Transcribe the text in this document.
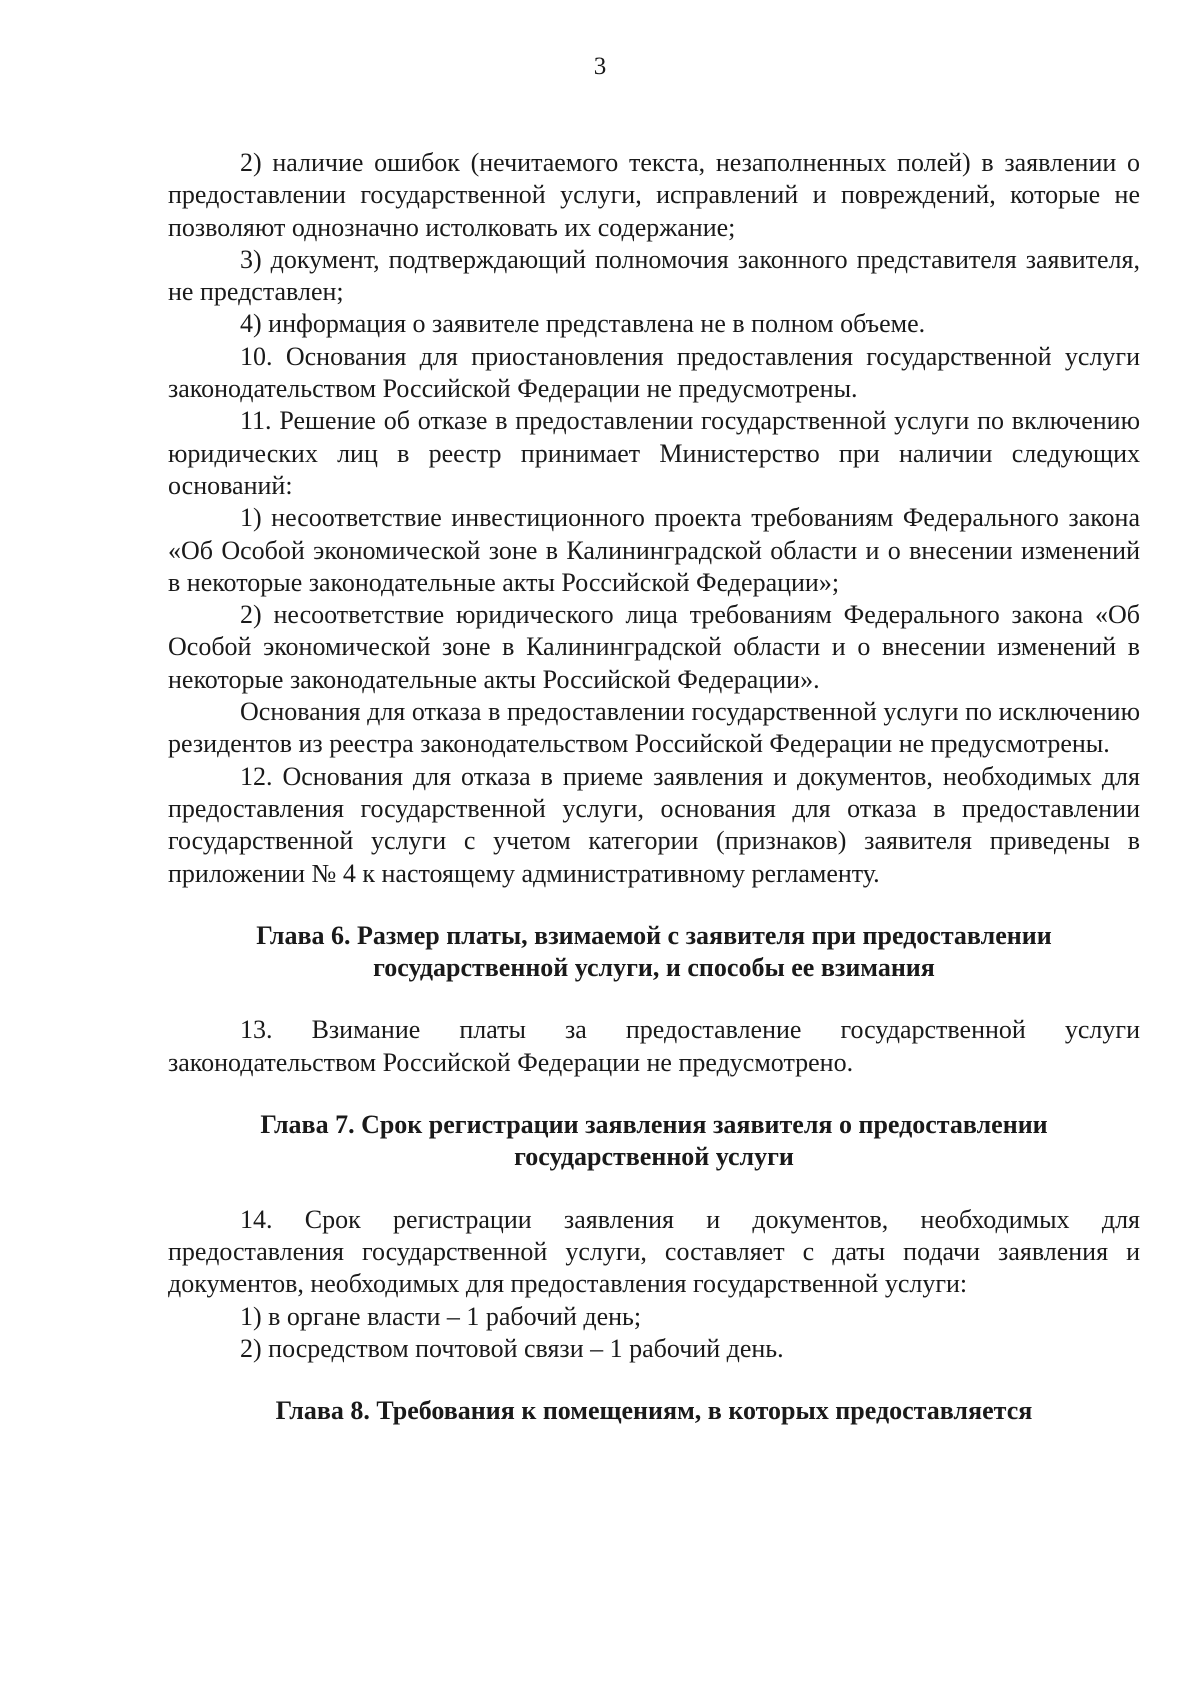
3

2) наличие ошибок (нечитаемого текста, незаполненных полей) в заявлении о предоставлении государственной услуги, исправлений и повреждений, которые не позволяют однозначно истолковать их содержание;

3) документ, подтверждающий полномочия законного представителя заявителя, не представлен;

4) информация о заявителе представлена не в полном объеме.

10. Основания для приостановления предоставления государственной услуги законодательством Российской Федерации не предусмотрены.

11. Решение об отказе в предоставлении государственной услуги по включению юридических лиц в реестр принимает Министерство при наличии следующих оснований:

1) несоответствие инвестиционного проекта требованиям Федерального закона «Об Особой экономической зоне в Калининградской области и о внесении изменений в некоторые законодательные акты Российской Федерации»;

2) несоответствие юридического лица требованиям Федерального закона «Об Особой экономической зоне в Калининградской области и о внесении изменений в некоторые законодательные акты Российской Федерации».

Основания для отказа в предоставлении государственной услуги по исключению резидентов из реестра законодательством Российской Федерации не предусмотрены.

12. Основания для отказа в приеме заявления и документов, необходимых для предоставления государственной услуги, основания для отказа в предоставлении государственной услуги с учетом категории (признаков) заявителя приведены в приложении № 4 к настоящему административному регламенту.

Глава 6. Размер платы, взимаемой с заявителя при предоставлении
государственной услуги, и способы ее взимания

13. Взимание платы за предоставление государственной услуги законодательством Российской Федерации не предусмотрено.

Глава 7. Срок регистрации заявления заявителя о предоставлении
государственной услуги

14. Срок регистрации заявления и документов, необходимых для предоставления государственной услуги, составляет с даты подачи заявления и документов, необходимых для предоставления государственной услуги:

1) в органе власти – 1 рабочий день;

2) посредством почтовой связи – 1 рабочий день.

Глава 8. Требования к помещениям, в которых предоставляется
